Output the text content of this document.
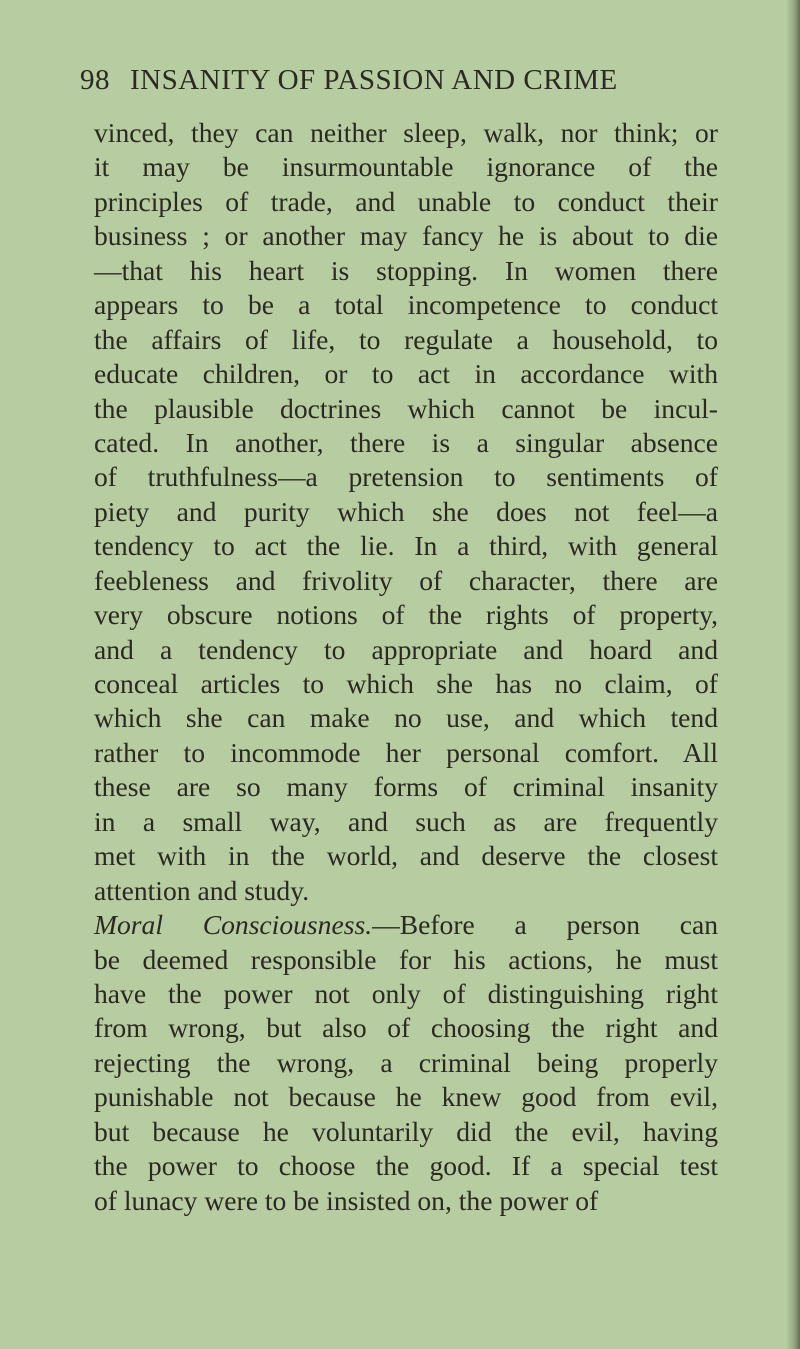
98 INSANITY OF PASSION AND CRIME
vinced, they can neither sleep, walk, nor think; or
it may be insurmountable ignorance of the
principles of trade, and unable to conduct their
business ; or another may fancy he is about to die
—that his heart is stopping. In women there
appears to be a total incompetence to conduct
the affairs of life, to regulate a household, to
educate children, or to act in accordance with
the plausible doctrines which cannot be incul-
cated. In another, there is a singular absence
of truthfulness—a pretension to sentiments of
piety and purity which she does not feel—a
tendency to act the lie. In a third, with general
feebleness and frivolity of character, there are
very obscure notions of the rights of property,
and a tendency to appropriate and hoard and
conceal articles to which she has no claim, of
which she can make no use, and which tend
rather to incommode her personal comfort. All
these are so many forms of criminal insanity
in a small way, and such as are frequently
met with in the world, and deserve the closest
attention and study.
Moral Consciousness.—Before a person can
be deemed responsible for his actions, he must
have the power not only of distinguishing right
from wrong, but also of choosing the right and
rejecting the wrong, a criminal being properly
punishable not because he knew good from evil,
but because he voluntarily did the evil, having
the power to choose the good. If a special test
of lunacy were to be insisted on, the power of
